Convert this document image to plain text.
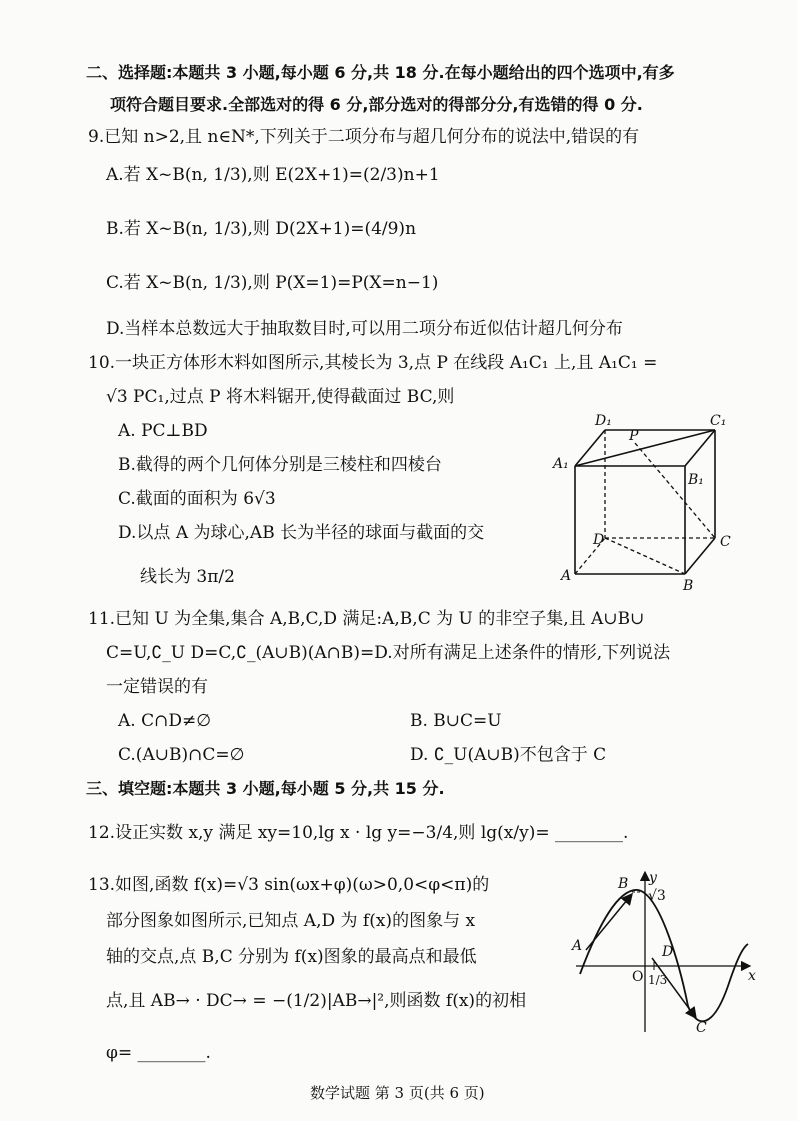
二、选择题:本题共 3 小题,每小题 6 分,共 18 分.在每小题给出的四个选项中,有多
项符合题目要求.全部选对的得 6 分,部分选对的得部分分,有选错的得 0 分.
9.已知 n>2,且 n∈N*,下列关于二项分布与超几何分布的说法中,错误的有
A.若 X~B(n, 1/3),则 E(2X+1)=(2/3)n+1
B.若 X~B(n, 1/3),则 D(2X+1)=(4/9)n
C.若 X~B(n, 1/3),则 P(X=1)=P(X=n−1)
D.当样本总数远大于抽取数目时,可以用二项分布近似估计超几何分布
10.一块正方体形木料如图所示,其棱长为 3,点 P 在线段 A₁C₁ 上,且 A₁C₁ =
√3 PC₁,过点 P 将木料锯开,使得截面过 BC,则
A. PC⊥BD
B.截得的两个几何体分别是三棱柱和四棱台
C.截面的面积为 6√3
D.以点 A 为球心,AB 长为半径的球面与截面的交
线长为 3π/2
D₁	C₁
P
A₁
B₁
D	C
A
B
11.已知 U 为全集,集合 A,B,C,D 满足:A,B,C 为 U 的非空子集,且 A∪B∪
C=U,∁_U D=C,∁_(A∪B)(A∩B)=D.对所有满足上述条件的情形,下列说法
一定错误的有
A. C∩D≠∅	B. B∪C=U
C.(A∪B)∩C=∅	D. ∁_U(A∪B)不包含于 C
三、填空题:本题共 3 小题,每小题 5 分,共 15 分.
12.设正实数 x,y 满足 xy=10,lg x · lg y=−3/4,则 lg(x/y)= ________.
13.如图,函数 f(x)=√3 sin(ωx+φ)(ω>0,0<φ<π)的
部分图象如图所示,已知点 A,D 为 f(x)的图象与 x
轴的交点,点 B,C 分别为 f(x)图象的最高点和最低
点,且 AB→ · DC→ = −(1/2)|AB→|²,则函数 f(x)的初相
φ= ________.
B y
√3
A	D
O 1/3	x
C
数学试题 第 3 页(共 6 页)
